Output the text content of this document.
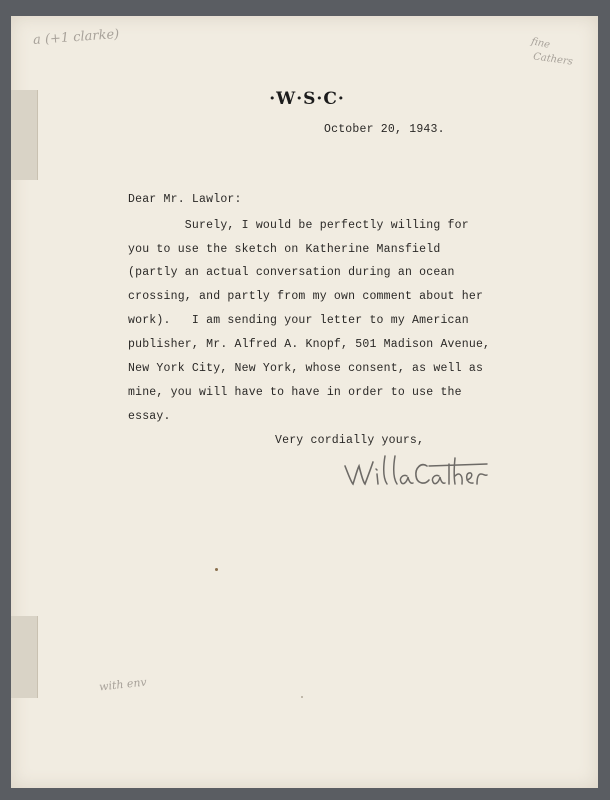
a (+1 clarke)	fine
Cathers
with env
·W·S·C·
October 20, 1943.
Dear Mr. Lawlor:
Surely, I would be perfectly willing for
you to use the sketch on Katherine Mansfield
(partly an actual conversation during an ocean
crossing, and partly from my own comment about her
work).   I am sending your letter to my American
publisher, Mr. Alfred A. Knopf, 501 Madison Avenue,
New York City, New York, whose consent, as well as
mine, you will have to have in order to use the
essay.
Very cordially yours,
